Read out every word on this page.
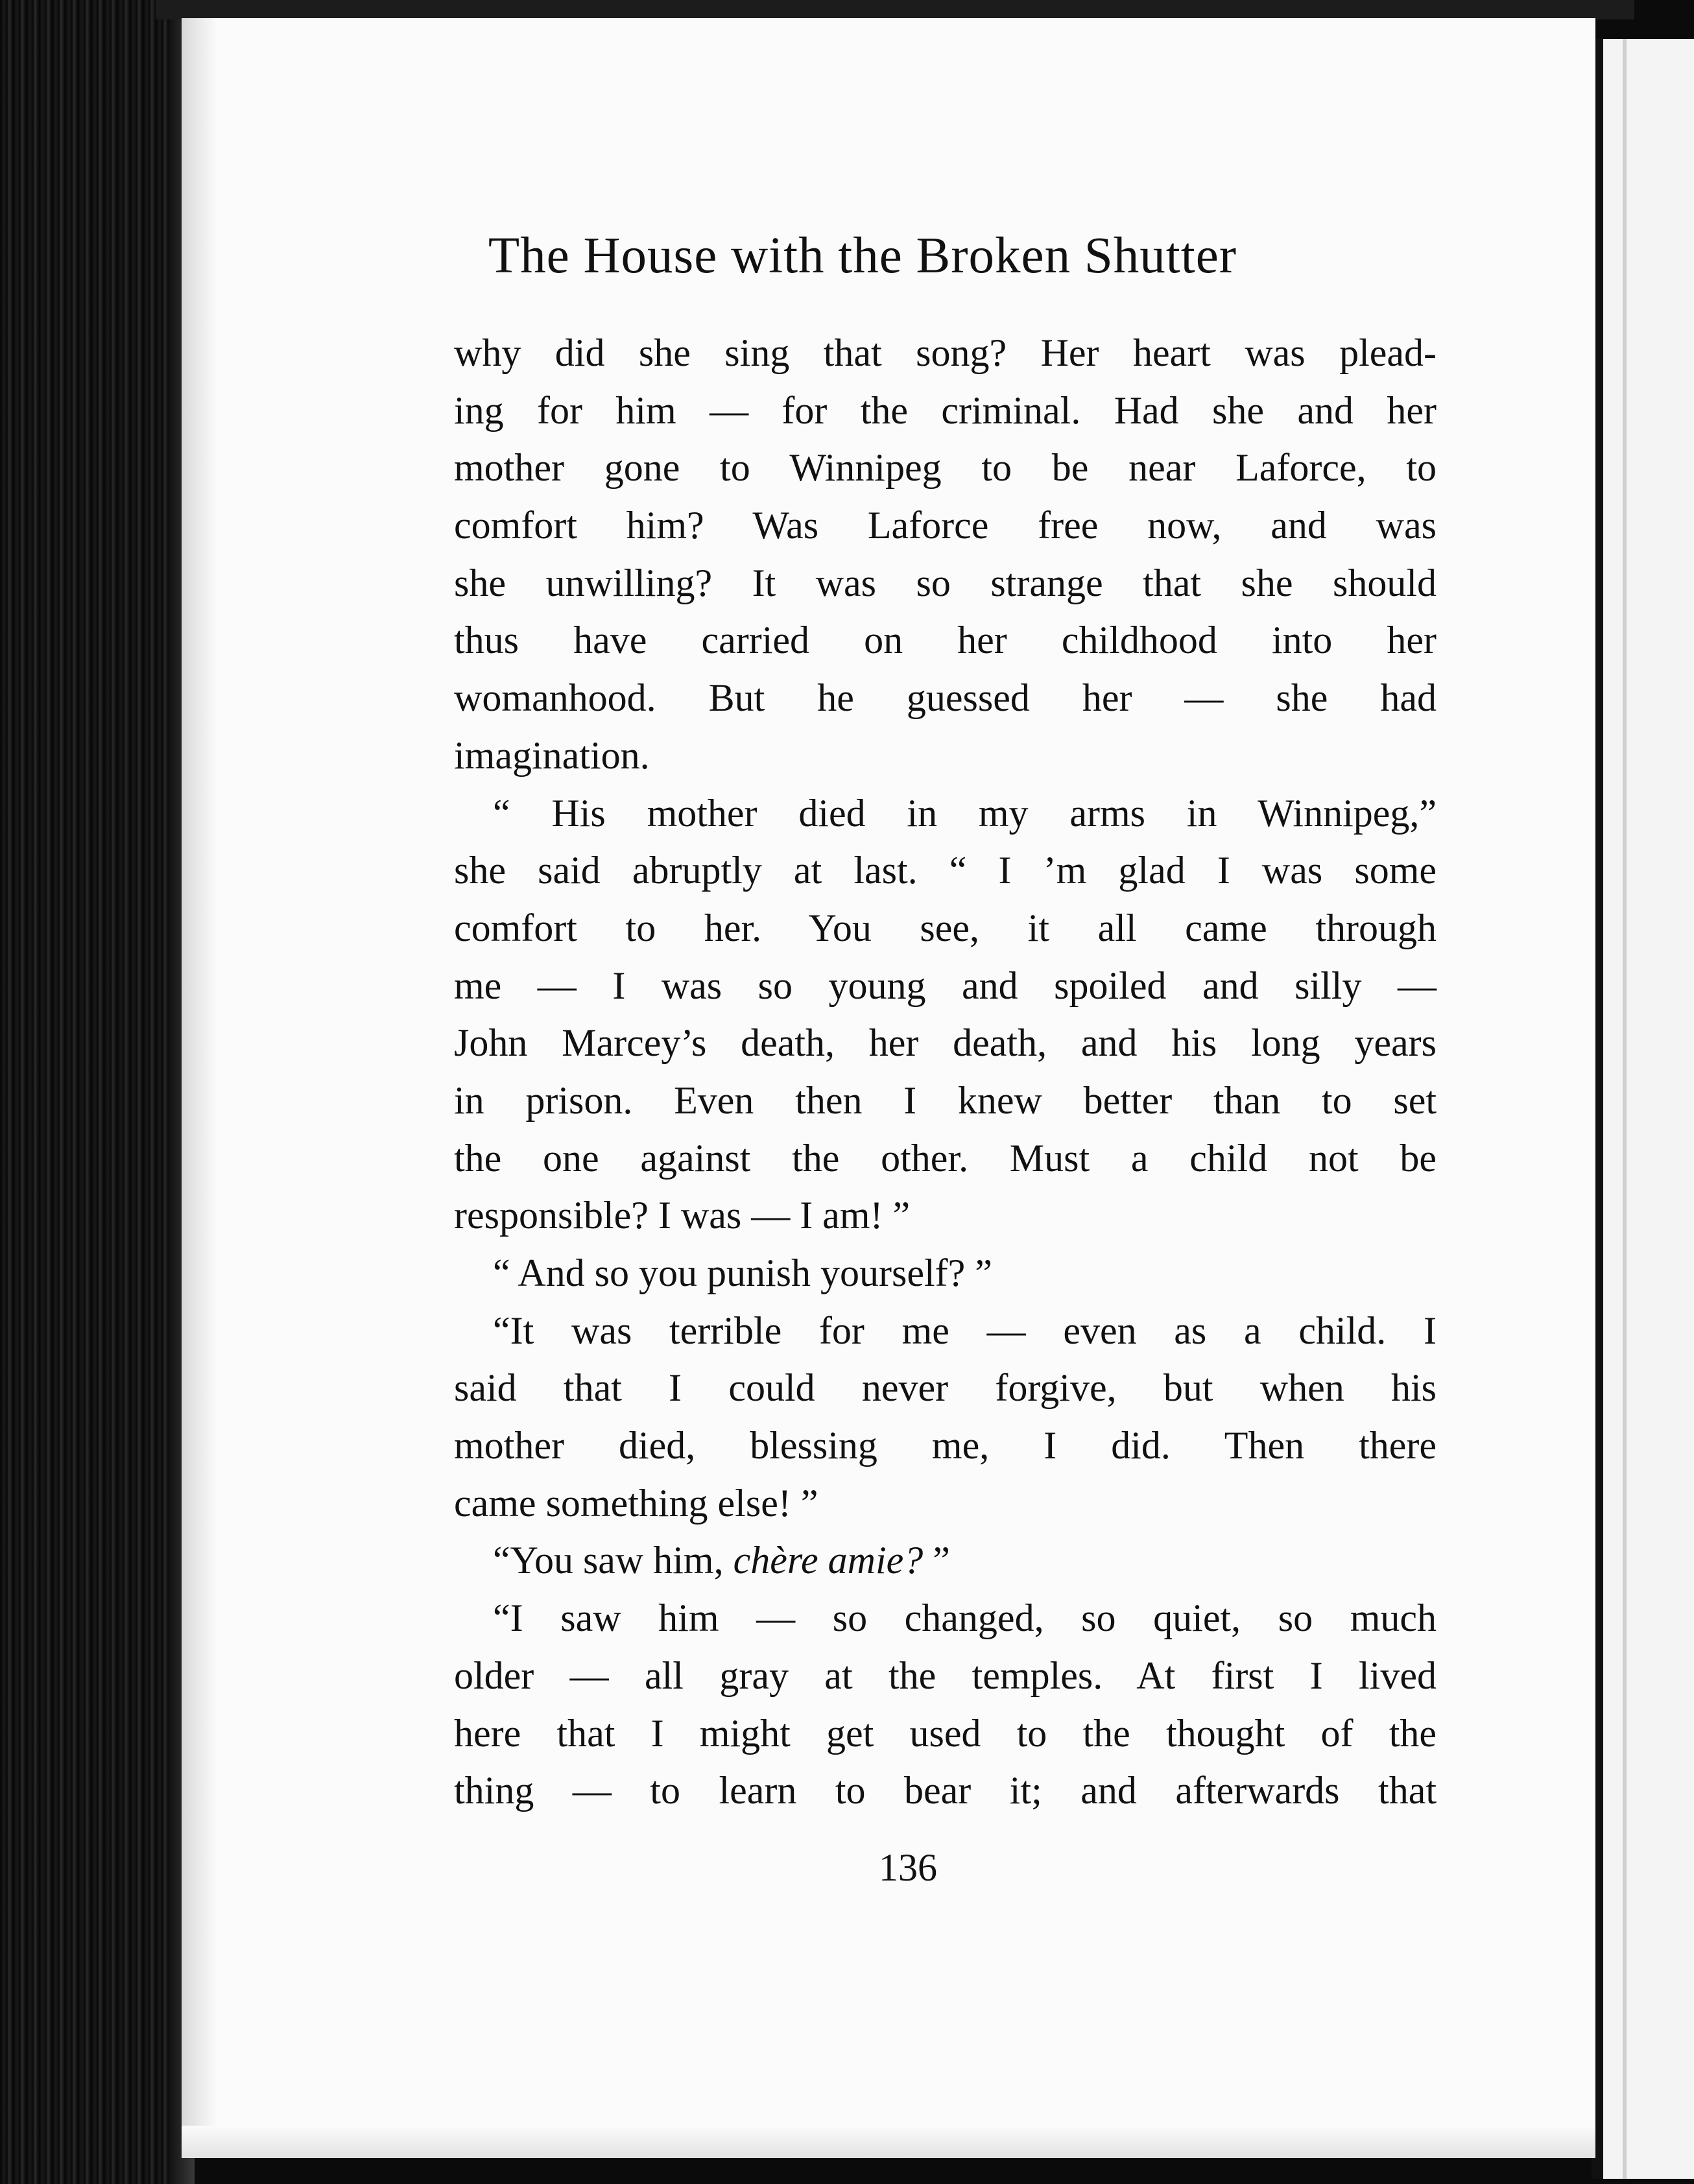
The House with the Broken Shutter
why did she sing that song? Her heart was plead-
ing for him — for the criminal. Had she and her
mother gone to Winnipeg to be near Laforce, to
comfort him? Was Laforce free now, and was
she unwilling? It was so strange that she should
thus have carried on her childhood into her
womanhood. But he guessed her — she had
imagination.
“ His mother died in my arms in Winnipeg,”
she said abruptly at last. “ I ’m glad I was some
comfort to her. You see, it all came through
me — I was so young and spoiled and silly —
John Marcey’s death, her death, and his long years
in prison. Even then I knew better than to set
the one against the other. Must a child not be
responsible? I was — I am! ”
“ And so you punish yourself? ”
“It was terrible for me — even as a child. I
said that I could never forgive, but when his
mother died, blessing me, I did. Then there
came something else! ”
“You saw him, chère amie? ”
“I saw him — so changed, so quiet, so much
older — all gray at the temples. At first I lived
here that I might get used to the thought of the
thing — to learn to bear it; and afterwards that
136
